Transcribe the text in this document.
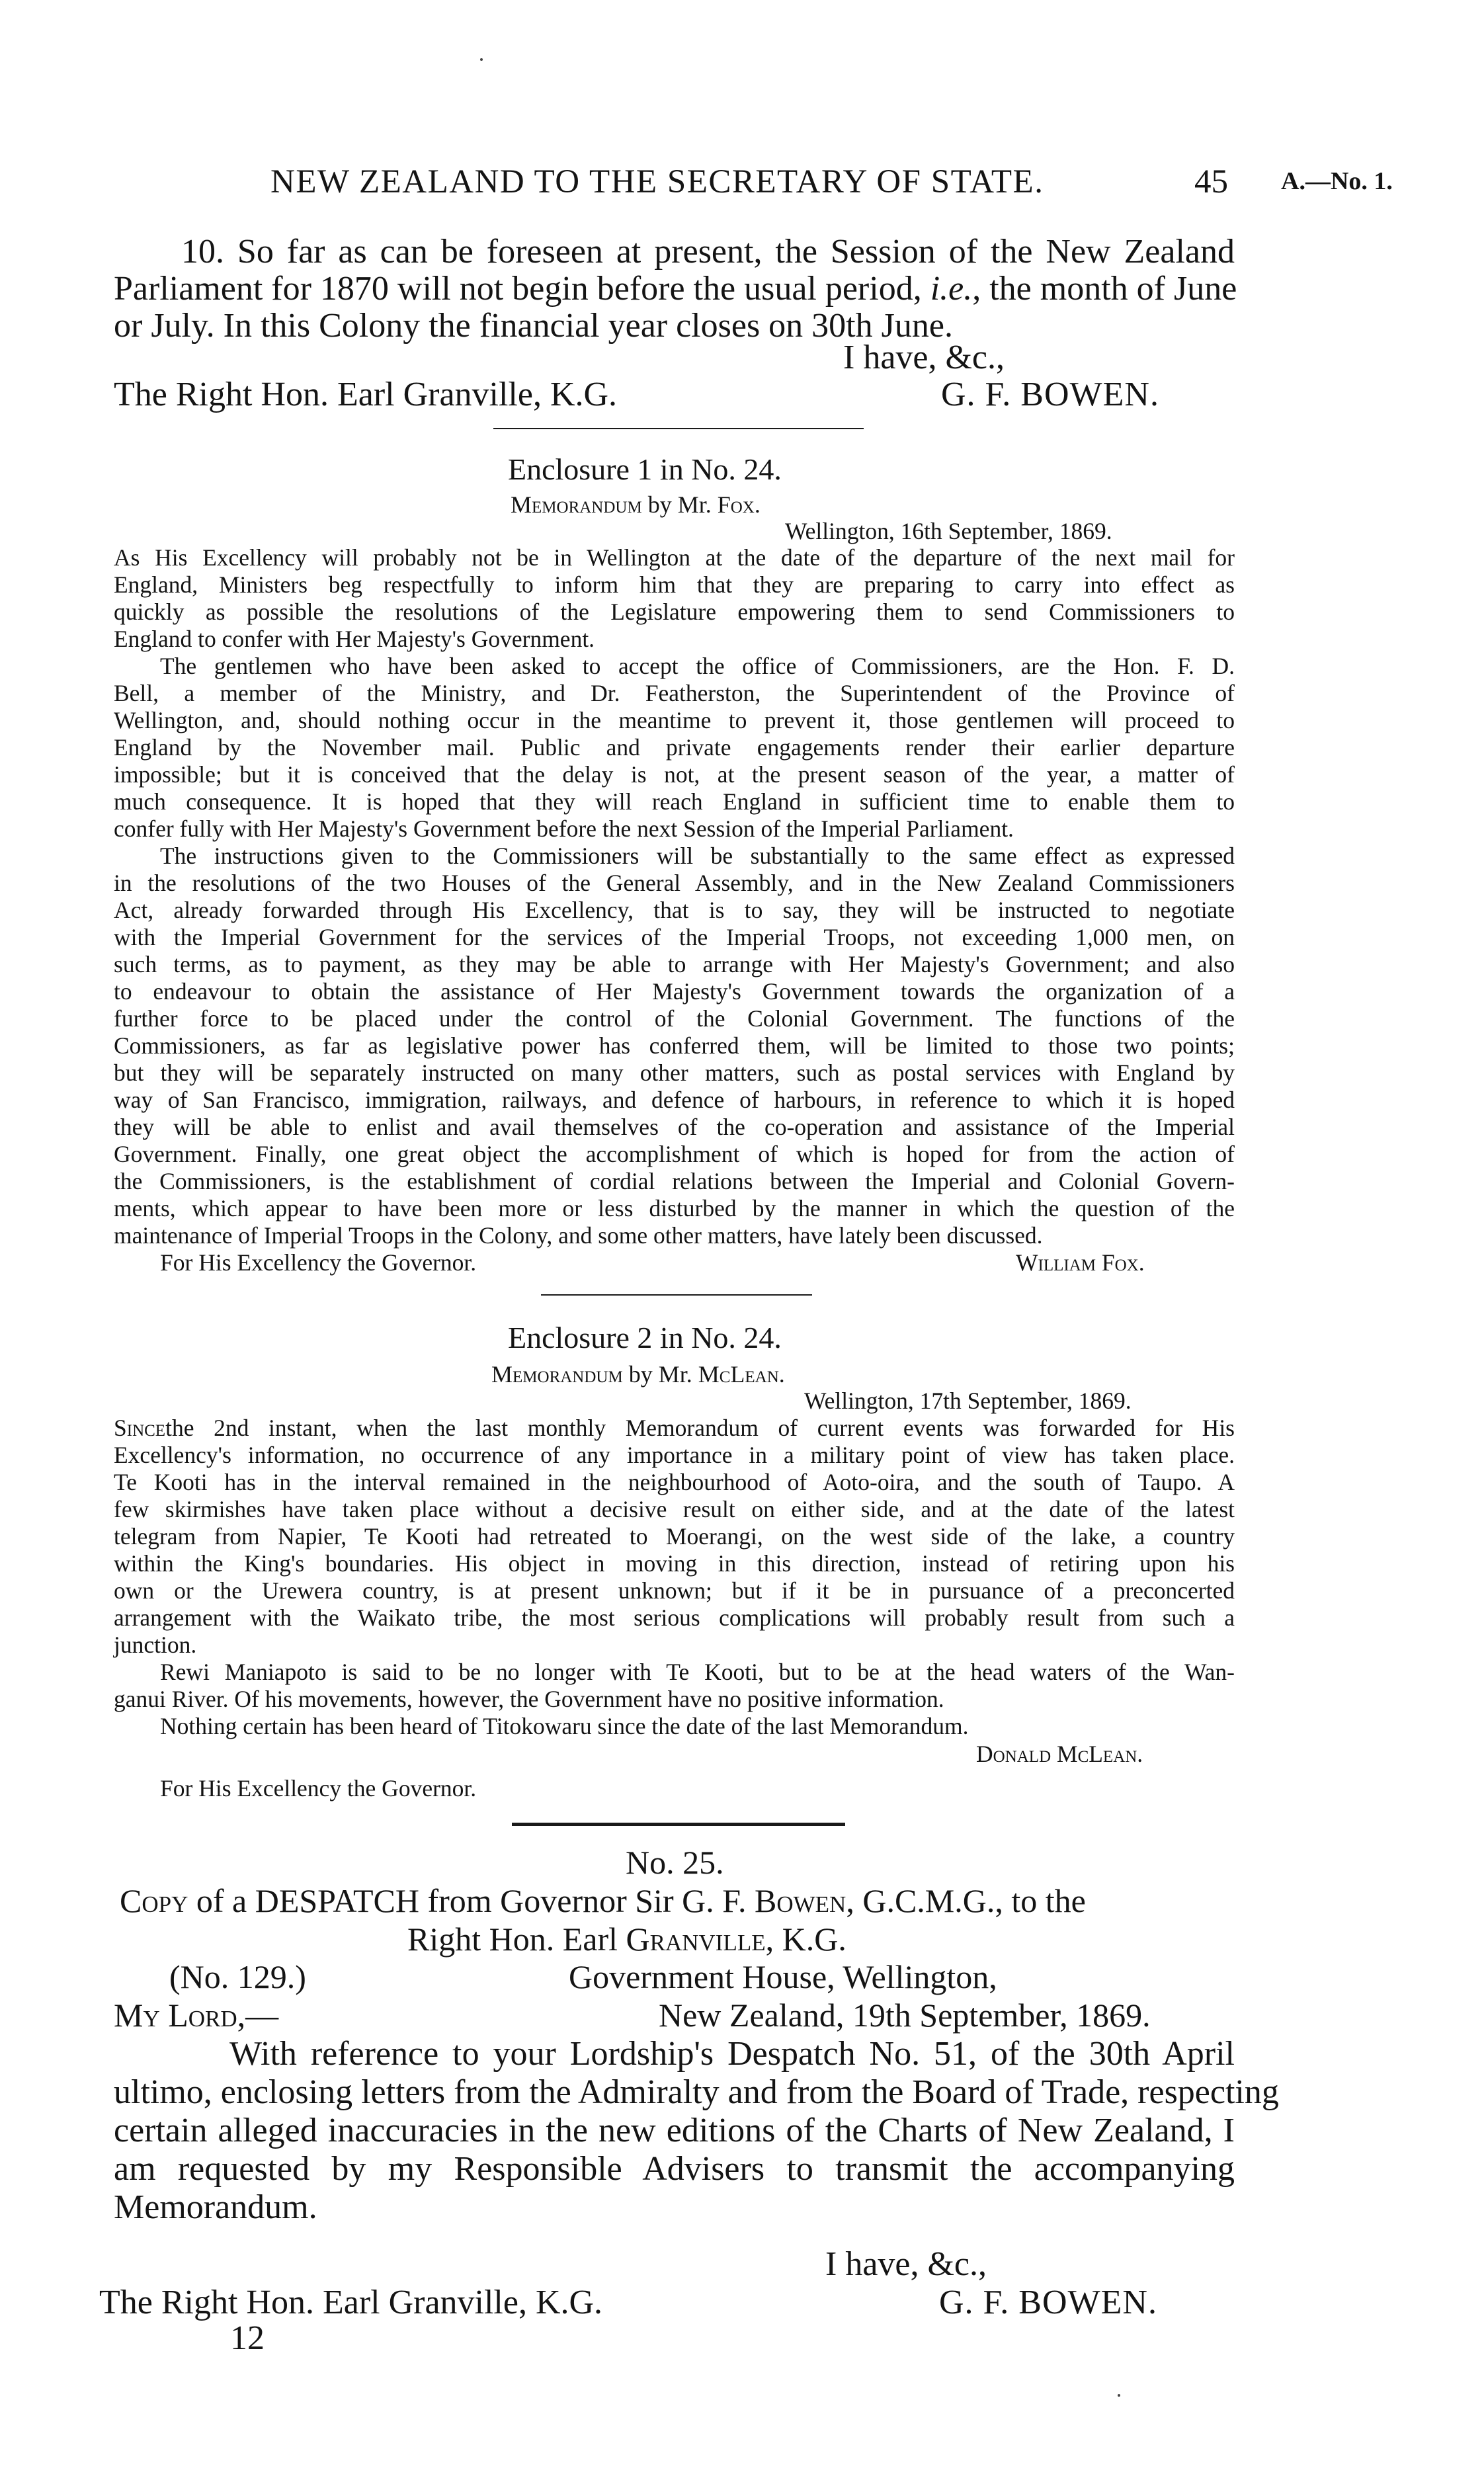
NEW ZEALAND TO THE SECRETARY OF STATE.	45 A.—No. 1.
10. So far as can be foreseen at present, the Session of the New Zealand
Parliament for 1870 will not begin before the usual period, i.e., the month of June
or July. In this Colony the financial year closes on 30th June.
I have, &c.,
The Right Hon. Earl Granville, K.G.	G. F. BOWEN.
Enclosure 1 in No. 24.
Memorandum by Mr. Fox.
Wellington, 16th September, 1869.
As His Excellency will probably not be in Wellington at the date of the departure of the next mail for
England, Ministers beg respectfully to inform him that they are preparing to carry into effect as
quickly as possible the resolutions of the Legislature empowering them to send Commissioners to
England to confer with Her Majesty's Government.
The gentlemen who have been asked to accept the office of Commissioners, are the Hon. F. D.
Bell, a member of the Ministry, and Dr. Featherston, the Superintendent of the Province of
Wellington, and, should nothing occur in the meantime to prevent it, those gentlemen will proceed to
England by the November mail. Public and private engagements render their earlier departure
impossible; but it is conceived that the delay is not, at the present season of the year, a matter of
much consequence. It is hoped that they will reach England in sufficient time to enable them to
confer fully with Her Majesty's Government before the next Session of the Imperial Parliament.
The instructions given to the Commissioners will be substantially to the same effect as expressed
in the resolutions of the two Houses of the General Assembly, and in the New Zealand Commissioners
Act, already forwarded through His Excellency, that is to say, they will be instructed to negotiate
with the Imperial Government for the services of the Imperial Troops, not exceeding 1,000 men, on
such terms, as to payment, as they may be able to arrange with Her Majesty's Government; and also
to endeavour to obtain the assistance of Her Majesty's Government towards the organization of a
further force to be placed under the control of the Colonial Government. The functions of the
Commissioners, as far as legislative power has conferred them, will be limited to those two points;
but they will be separately instructed on many other matters, such as postal services with England by
way of San Francisco, immigration, railways, and defence of harbours, in reference to which it is hoped
they will be able to enlist and avail themselves of the co-operation and assistance of the Imperial
Government. Finally, one great object the accomplishment of which is hoped for from the action of
the Commissioners, is the establishment of cordial relations between the Imperial and Colonial Govern-
ments, which appear to have been more or less disturbed by the manner in which the question of the
maintenance of Imperial Troops in the Colony, and some other matters, have lately been discussed.
For His Excellency the Governor.	William Fox.
Enclosure 2 in No. 24.
Memorandum by Mr. McLean.
Wellington, 17th September, 1869.
Since the 2nd instant, when the last monthly Memorandum of current events was forwarded for His
Excellency's information, no occurrence of any importance in a military point of view has taken place.
Te Kooti has in the interval remained in the neighbourhood of Aoto-oira, and the south of Taupo. A
few skirmishes have taken place without a decisive result on either side, and at the date of the latest
telegram from Napier, Te Kooti had retreated to Moerangi, on the west side of the lake, a country
within the King's boundaries. His object in moving in this direction, instead of retiring upon his
own or the Urewera country, is at present unknown; but if it be in pursuance of a preconcerted
arrangement with the Waikato tribe, the most serious complications will probably result from such a
junction.
Rewi Maniapoto is said to be no longer with Te Kooti, but to be at the head waters of the Wan-
ganui River. Of his movements, however, the Government have no positive information.
Nothing certain has been heard of Titokowaru since the date of the last Memorandum.
Donald McLean.
For His Excellency the Governor.
No. 25.
Copy of a DESPATCH from Governor Sir G. F. Bowen, G.C.M.G., to the
Right Hon. Earl Granville, K.G.
(No. 129.)	Government House, Wellington,
My Lord,—	New Zealand, 19th September, 1869.
With reference to your Lordship's Despatch No. 51, of the 30th April
ultimo, enclosing letters from the Admiralty and from the Board of Trade, respecting
certain alleged inaccuracies in the new editions of the Charts of New Zealand, I
am requested by my Responsible Advisers to transmit the accompanying
Memorandum.
I have, &c.,
The Right Hon. Earl Granville, K.G.	G. F. BOWEN.
12
